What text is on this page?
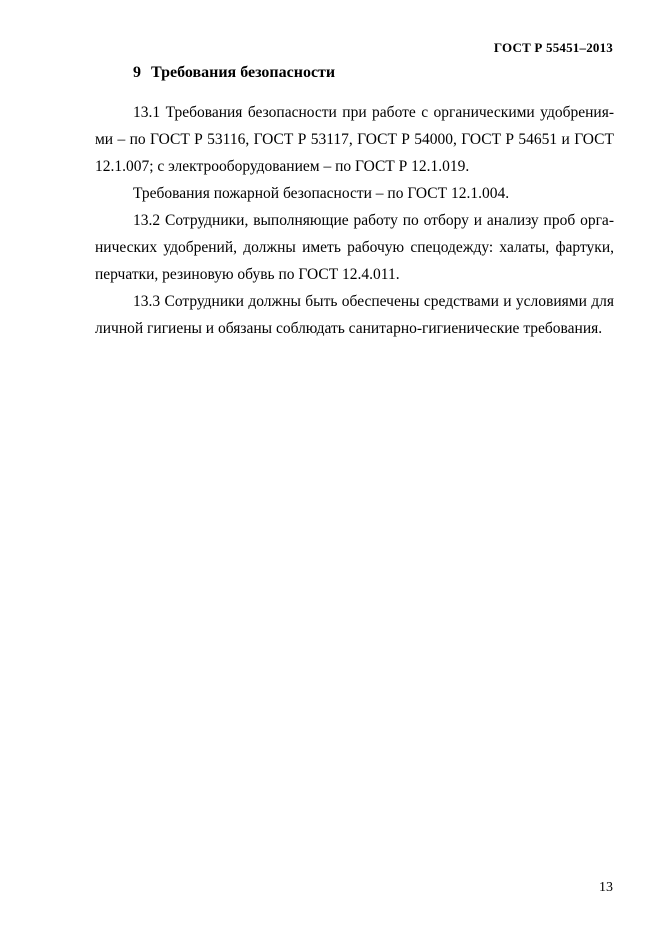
ГОСТ Р 55451–2013
9 Требования безопасности

13.1 Требования безопасности при работе с органическими удобрениями – по ГОСТ Р 53116, ГОСТ Р 53117, ГОСТ Р 54000, ГОСТ Р 54651 и ГОСТ 12.1.007; с электрооборудованием – по ГОСТ Р 12.1.019.

Требования пожарной безопасности – по ГОСТ 12.1.004.

13.2 Сотрудники, выполняющие работу по отбору и анализу проб органических удобрений, должны иметь рабочую спецодежду: халаты, фартуки, перчатки, резиновую обувь по ГОСТ 12.4.011.

13.3 Сотрудники должны быть обеспечены средствами и условиями для личной гигиены и обязаны соблюдать санитарно-гигиенические требования.

13
